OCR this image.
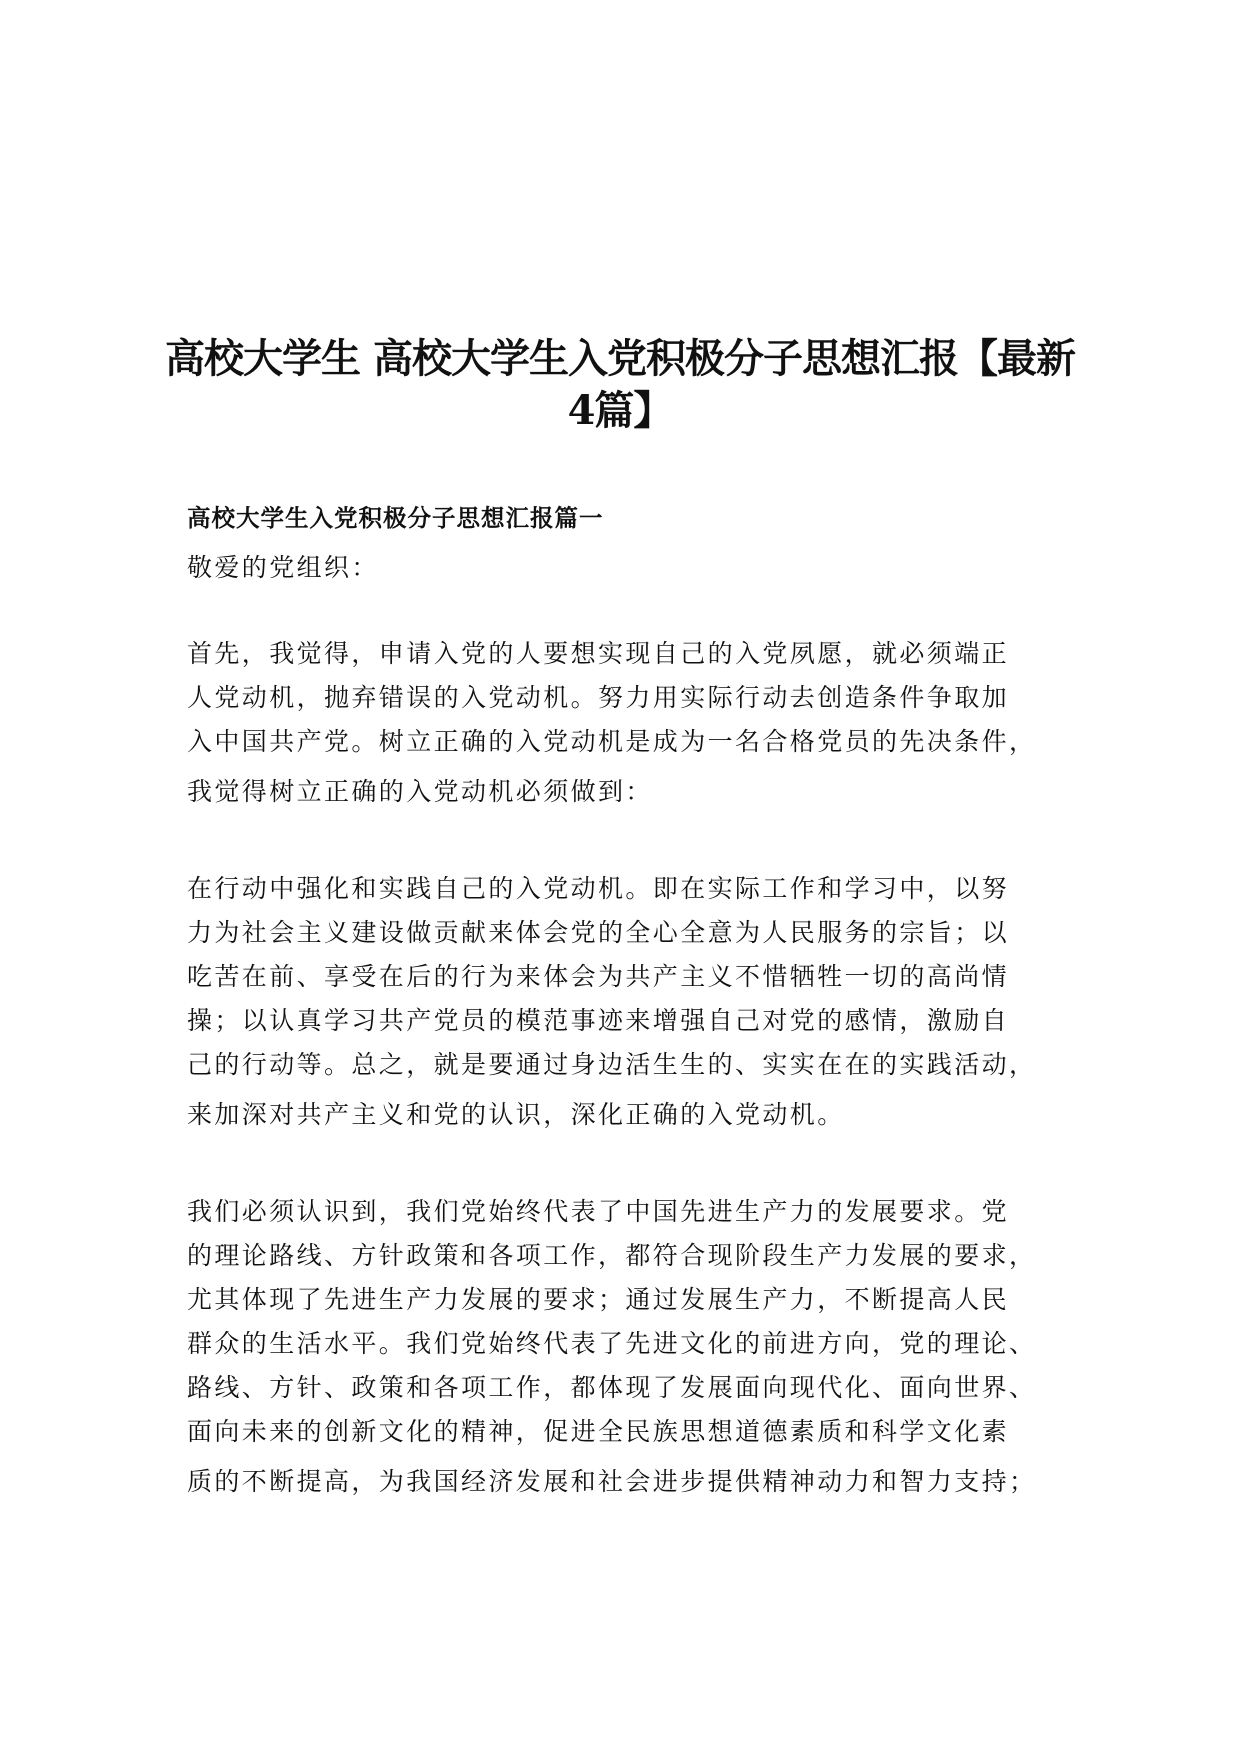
高校大学生 高校大学生入党积极分子思想汇报【最新
4篇】
高校大学生入党积极分子思想汇报篇一

敬爱的党组织：

首先，我觉得，申请入党的人要想实现自己的入党夙愿，就必须端正
人党动机，抛弃错误的入党动机。努力用实际行动去创造条件争取加
入中国共产党。树立正确的入党动机是成为一名合格党员的先决条件，
我觉得树立正确的入党动机必须做到：

在行动中强化和实践自己的入党动机。即在实际工作和学习中，以努
力为社会主义建设做贡献来体会党的全心全意为人民服务的宗旨；以
吃苦在前、享受在后的行为来体会为共产主义不惜牺牲一切的高尚情
操；以认真学习共产党员的模范事迹来增强自己对党的感情，激励自
己的行动等。总之，就是要通过身边活生生的、实实在在的实践活动，
来加深对共产主义和党的认识，深化正确的入党动机。

我们必须认识到，我们党始终代表了中国先进生产力的发展要求。党
的理论路线、方针政策和各项工作，都符合现阶段生产力发展的要求，
尤其体现了先进生产力发展的要求；通过发展生产力，不断提高人民
群众的生活水平。我们党始终代表了先进文化的前进方向，党的理论、
路线、方针、政策和各项工作，都体现了发展面向现代化、面向世界、
面向未来的创新文化的精神，促进全民族思想道德素质和科学文化素
质的不断提高，为我国经济发展和社会进步提供精神动力和智力支持；
